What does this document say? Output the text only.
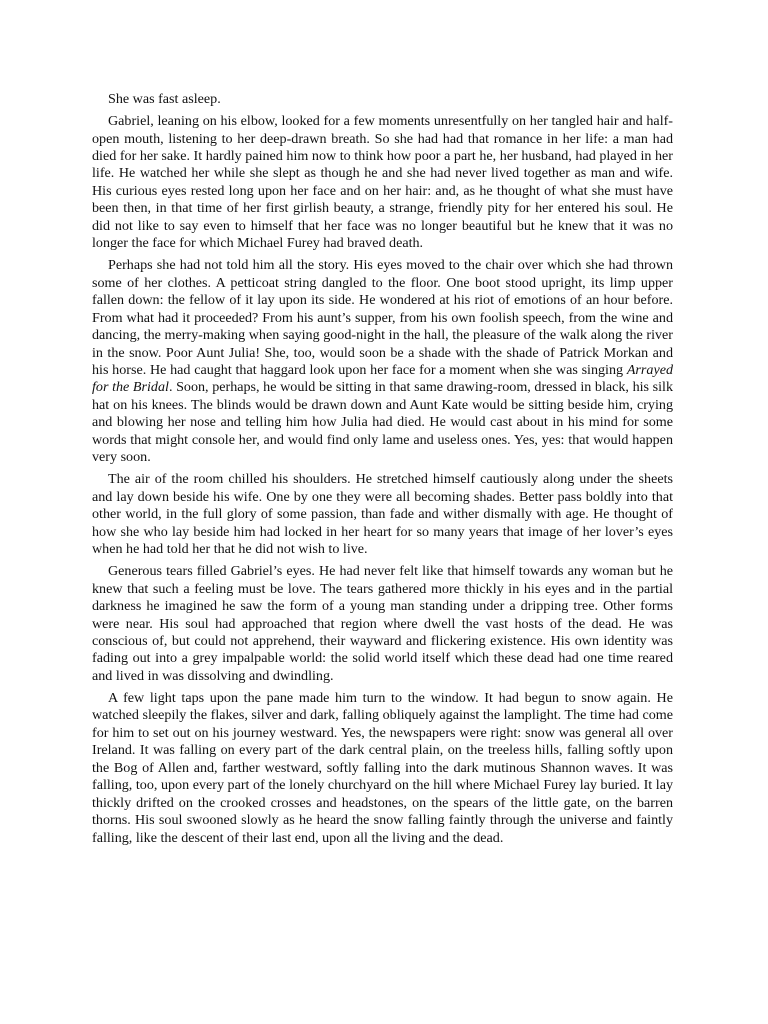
She was fast asleep.

Gabriel, leaning on his elbow, looked for a few moments unresentfully on her tangled hair and half-open mouth, listening to her deep-drawn breath. So she had had that romance in her life: a man had died for her sake. It hardly pained him now to think how poor a part he, her husband, had played in her life. He watched her while she slept as though he and she had never lived together as man and wife. His curious eyes rested long upon her face and on her hair: and, as he thought of what she must have been then, in that time of her first girlish beauty, a strange, friendly pity for her entered his soul. He did not like to say even to himself that her face was no longer beautiful but he knew that it was no longer the face for which Michael Furey had braved death.

Perhaps she had not told him all the story. His eyes moved to the chair over which she had thrown some of her clothes. A petticoat string dangled to the floor. One boot stood upright, its limp upper fallen down: the fellow of it lay upon its side. He wondered at his riot of emotions of an hour before. From what had it proceeded? From his aunt’s supper, from his own foolish speech, from the wine and dancing, the merry-making when saying good-night in the hall, the pleasure of the walk along the river in the snow. Poor Aunt Julia! She, too, would soon be a shade with the shade of Patrick Morkan and his horse. He had caught that haggard look upon her face for a moment when she was singing Arrayed for the Bridal. Soon, perhaps, he would be sitting in that same drawing-room, dressed in black, his silk hat on his knees. The blinds would be drawn down and Aunt Kate would be sitting beside him, crying and blowing her nose and telling him how Julia had died. He would cast about in his mind for some words that might console her, and would find only lame and useless ones. Yes, yes: that would happen very soon.

The air of the room chilled his shoulders. He stretched himself cautiously along under the sheets and lay down beside his wife. One by one they were all becoming shades. Better pass boldly into that other world, in the full glory of some passion, than fade and wither dismally with age. He thought of how she who lay beside him had locked in her heart for so many years that image of her lover’s eyes when he had told her that he did not wish to live.

Generous tears filled Gabriel’s eyes. He had never felt like that himself towards any woman but he knew that such a feeling must be love. The tears gathered more thickly in his eyes and in the partial darkness he imagined he saw the form of a young man standing under a dripping tree. Other forms were near. His soul had approached that region where dwell the vast hosts of the dead. He was conscious of, but could not apprehend, their wayward and flickering existence. His own identity was fading out into a grey impalpable world: the solid world itself which these dead had one time reared and lived in was dissolving and dwindling.

A few light taps upon the pane made him turn to the window. It had begun to snow again. He watched sleepily the flakes, silver and dark, falling obliquely against the lamplight. The time had come for him to set out on his journey westward. Yes, the newspapers were right: snow was general all over Ireland. It was falling on every part of the dark central plain, on the treeless hills, falling softly upon the Bog of Allen and, farther westward, softly falling into the dark mutinous Shannon waves. It was falling, too, upon every part of the lonely churchyard on the hill where Michael Furey lay buried. It lay thickly drifted on the crooked crosses and headstones, on the spears of the little gate, on the barren thorns. His soul swooned slowly as he heard the snow falling faintly through the universe and faintly falling, like the descent of their last end, upon all the living and the dead.
